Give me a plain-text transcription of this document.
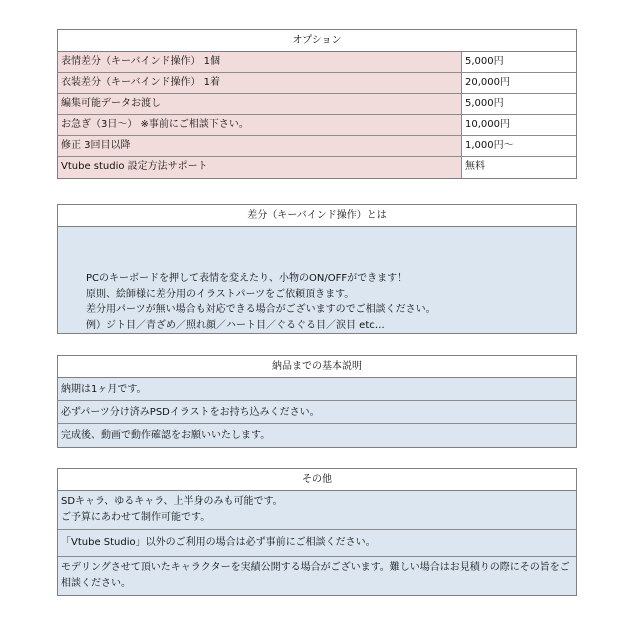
オプション
表情差分（キーバインド操作） 1個	5,000円
衣装差分（キーバインド操作） 1着	20,000円
編集可能データお渡し	5,000円
お急ぎ（3日〜） ※事前にご相談下さい。	10,000円
修正 3回目以降	1,000円〜
Vtube studio 設定方法サポート	無料
差分（キーバインド操作）とは
PCのキーボードを押して表情を変えたり、小物のON/OFFができます！
原則、絵師様に差分用のイラストパーツをご依頼頂きます。
差分用パーツが無い場合も対応できる場合がございますのでご相談ください。
例）ジト目／青ざめ／照れ顔／ハート目／ぐるぐる目／涙目 etc…
納品までの基本説明
納期は1ヶ月です。
必ずパーツ分け済みPSDイラストをお持ち込みください。
完成後、動画で動作確認をお願いいたします。
その他
SDキャラ、ゆるキャラ、上半身のみも可能です。
ご予算にあわせて制作可能です。
「Vtube Studio」以外のご利用の場合は必ず事前にご相談ください。
モデリングさせて頂いたキャラクターを実績公開する場合がございます。難しい場合はお見積りの際にその旨をご相談ください。
